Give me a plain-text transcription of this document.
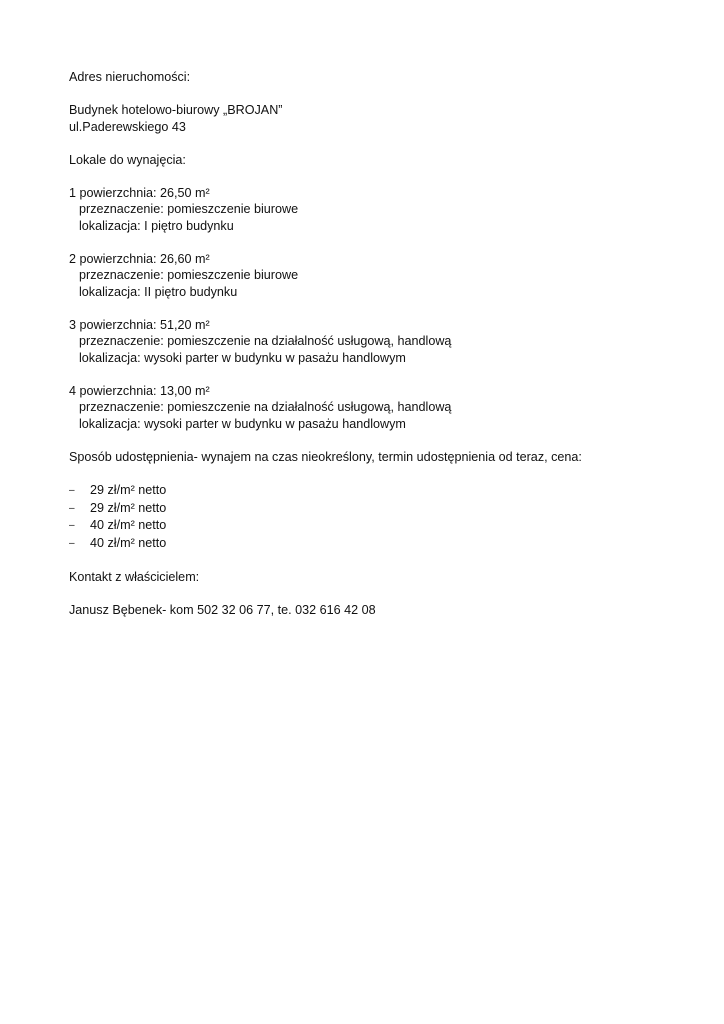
Adres nieruchomości:
Budynek hotelowo-biurowy „BROJAN”
ul.Paderewskiego 43
Lokale do wynajęcia:
1 powierzchnia: 26,50 m²
przeznaczenie: pomieszczenie biurowe
lokalizacja: I piętro budynku
2 powierzchnia: 26,60 m²
przeznaczenie: pomieszczenie biurowe
lokalizacja: II piętro budynku
3 powierzchnia: 51,20 m²
przeznaczenie: pomieszczenie na działalność usługową, handlową
lokalizacja: wysoki parter w budynku w pasażu handlowym
4 powierzchnia: 13,00 m²
przeznaczenie: pomieszczenie na działalność usługową, handlową
lokalizacja: wysoki parter w budynku w pasażu handlowym
Sposób udostępnienia- wynajem na czas nieokreślony, termin udostępnienia od teraz, cena:
–	29 zł/m² netto
–	29 zł/m² netto
–	40 zł/m² netto
–	40 zł/m² netto
Kontakt z właścicielem:
Janusz Bębenek- kom 502 32 06 77, te. 032 616 42 08
